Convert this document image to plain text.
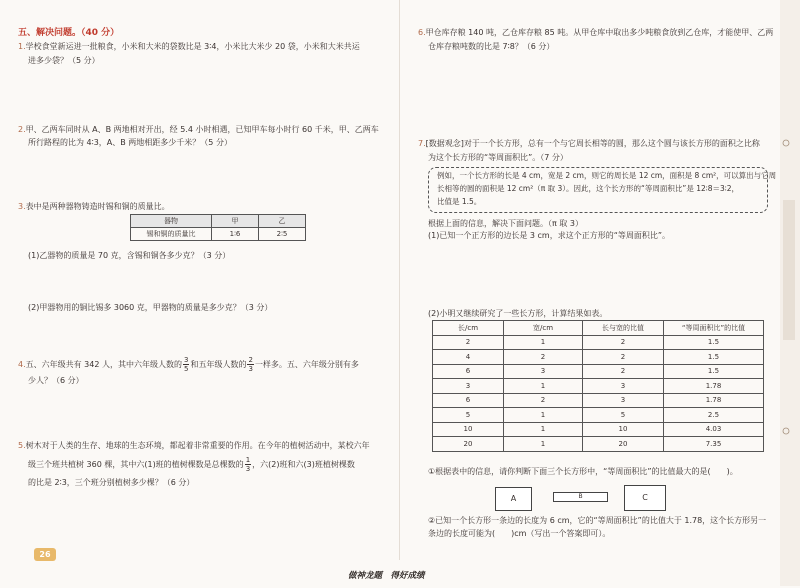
五、解决问题。（40 分）
1.学校食堂新运进一批粮食，小米和大米的袋数比是 3∶4，小米比大米少 20 袋，小米和大米共运
进多少袋？（5 分）
2.甲、乙两车同时从 A、B 两地相对开出，经 5.4 小时相遇，已知甲车每小时行 60 千米，甲、乙两车
所行路程的比为 4∶3，A、B 两地相距多少千米？（5 分）
3.表中是两种器物铸造时锡和铜的质量比。
器物	甲	乙
锡和铜的质量比	1∶6	2∶5
(1)乙器物的质量是 70 克，含锡和铜各多少克？（3 分）
(2)甲器物用的铜比锡多 3060 克，甲器物的质量是多少克？（3 分）
4.五、六年级共有 342 人，其中六年级人数的 $\frac{3}{5}$ 和五年级人数的 $\frac{2}{3}$ 一样多。五、六年级分别有多
少人？（6 分）
5.树木对于人类的生存、地球的生态环境，都起着非常重要的作用。在今年的植树活动中，某校六年
级三个班共植树 360 棵，其中六(1)班的植树棵数是总棵数的 $\frac{1}{3}$ ，六(2)班和六(3)班植树棵数
的比是 2∶3，三个班分别植树多少棵？（6 分）
26
6.甲仓库存粮 140 吨，乙仓库存粮 85 吨。从甲仓库中取出多少吨粮食放到乙仓库，才能使甲、乙两
仓库存粮吨数的比是 7∶8？（6 分）
7.[数据观念]对于一个长方形，总有一个与它周长相等的圆，那么这个圆与该长方形的面积之比称
为这个长方形的“等周面积比”。（7 分）
例如，一个长方形的长是 4 cm，宽是 2 cm，则它的周长是 12 cm，面积是 8 cm²，可以算出与它周
长相等的圆的面积是 12 cm²（π 取 3）。因此，这个长方形的“等周面积比”是 12∶8＝3∶2，
比值是 1.5。
根据上面的信息，解决下面问题。（π 取 3）
(1)已知一个正方形的边长是 3 cm，求这个正方形的“等周面积比”。
(2)小明又继续研究了一些长方形，计算结果如表。
长/cm	宽/cm	长与宽的比值	“等周面积比”的比值
2	1	2	1.5
4	2	2	1.5
6	3	2	1.5
3	1	3	1.78
6	2	3	1.78
5	1	5	2.5
10	1	10	4.03
20	1	20	7.35
①根据表中的信息，请你判断下面三个长方形中，“等周面积比”的比值最大的是(　　)。
A	B	C
②已知一个长方形一条边的长度为 6 cm，它的“等周面积比”的比值大于 1.78，这个长方形另一
条边的长度可能为(　　)cm（写出一个答案即可）。
做神龙题　得好成绩
